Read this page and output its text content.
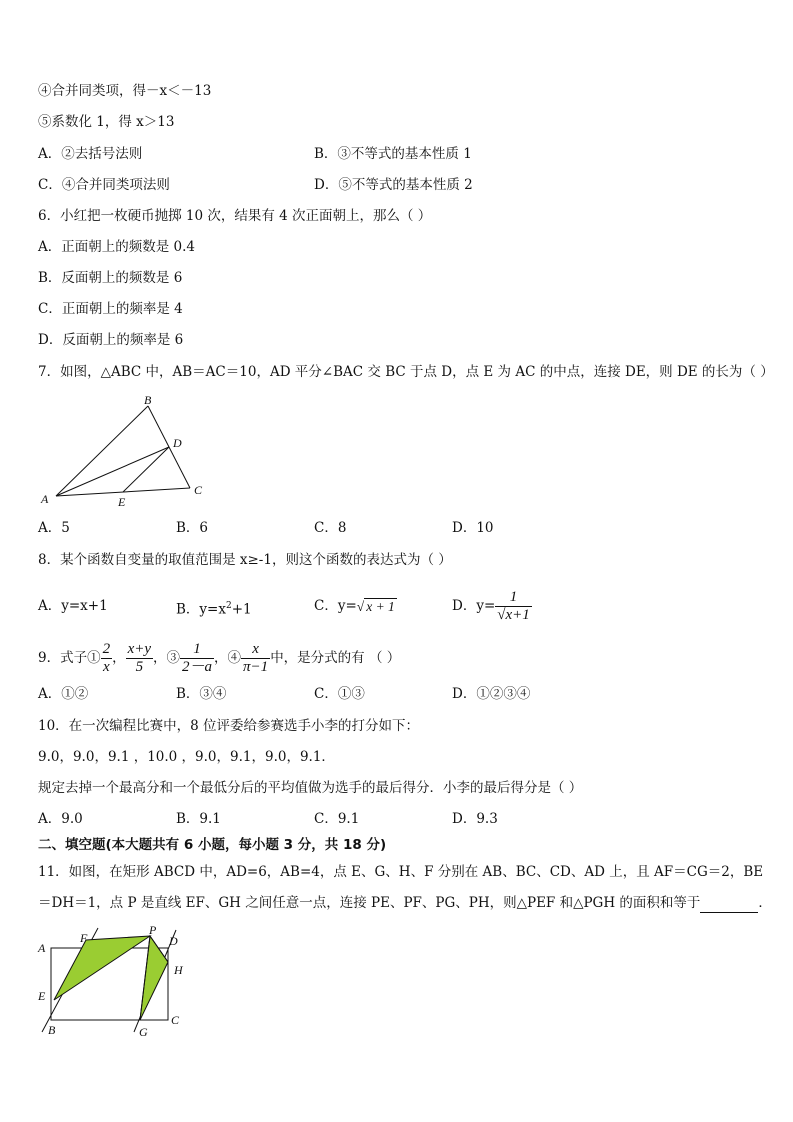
④合并同类项，得－x＜－13
⑤系数化 1，得 x＞13
A．②去括号法则	B．③不等式的基本性质 1
C．④合并同类项法则	D．⑤不等式的基本性质 2
6．小红把一枚硬币抛掷 10 次，结果有 4 次正面朝上，那么（ ）
A．正面朝上的频数是 0.4
B．反面朝上的频数是 6
C．正面朝上的频率是 4
D．反面朝上的频率是 6
7．如图，△ABC 中，AB＝AC＝10，AD 平分∠BAC 交 BC 于点 D，点 E 为 AC 的中点，连接 DE，则 DE 的长为（ ）
A
B
C
D
E
A．5	B．6	C．8	D．10
8．某个函数自变量的取值范围是 x≥-1，则这个函数的表达式为（ ）
A．y=x+1	B．$y=x^2+1$	C．y=√ x + 1	D．$y= \frac{1}{√x+1}$
9．式子① $\frac{2}{x}$ ， $\frac{x+y}{5}$ ，③ $\frac{1}{2-a}$ ，④ $\frac{x}{\pi-1}$ 中，是分式的有 （ ）
A．①②	B．③④	C．①③	D．①②③④
10．在一次编程比赛中，8 位评委给参赛选手小李的打分如下：
9.0，9.0，9.1 ，10.0 ，9.0，9.1，9.0，9.1．
规定去掉一个最高分和一个最低分后的平均值做为选手的最后得分．小李的最后得分是（ ）
A．9.0	B．9.1	C．9.1	D．9.3
二、填空题(本大题共有 6 小题，每小题 3 分，共 18 分)
11．如图，在矩形 ABCD 中，AD=6，AB=4，点 E、G、H、F 分别在 AB、BC、CD、AD 上，且 AF＝CG＝2，BE
＝DH＝1，点 P 是直线 EF、GH 之间任意一点，连接 PE、PF、PG、PH，则△PEF 和△PGH 的面积和等于	．
A
B
C
D
E
F
G
H
P
